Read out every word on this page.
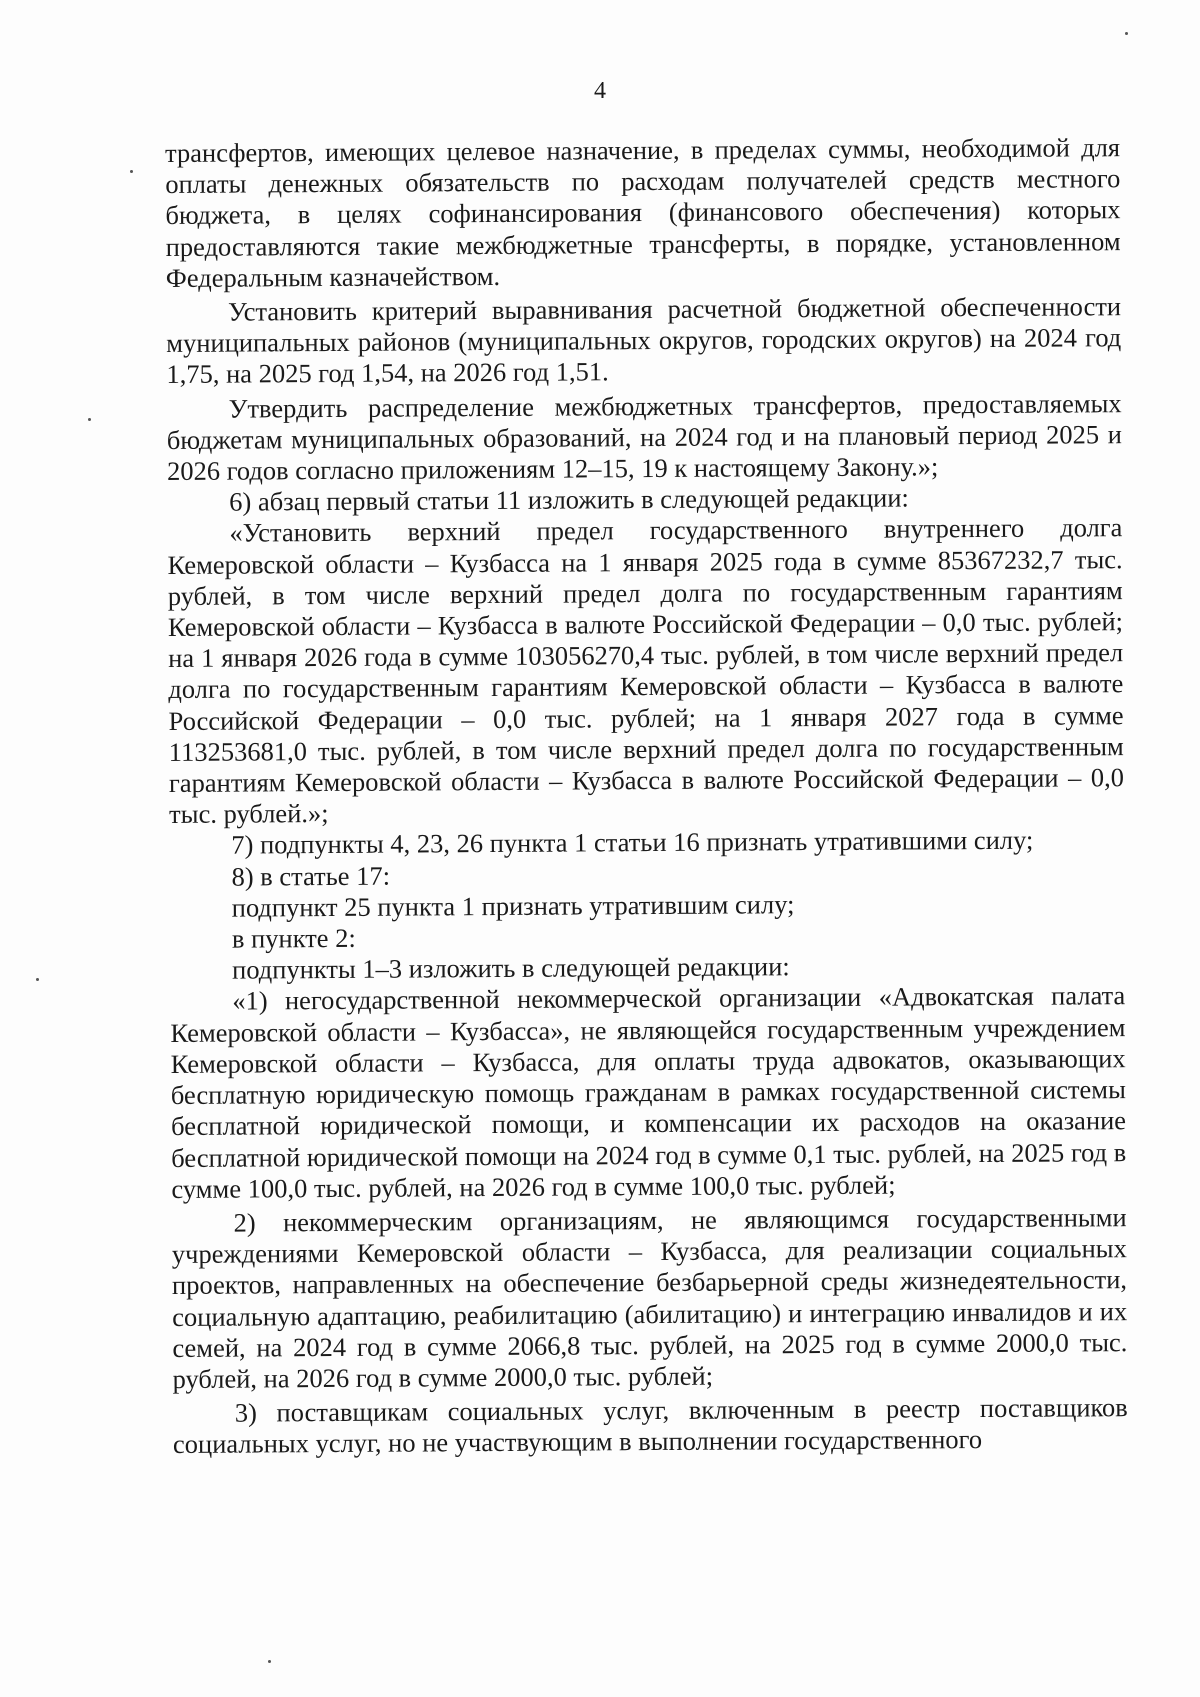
4

трансфертов, имеющих целевое назначение, в пределах суммы, необходимой для оплаты денежных обязательств по расходам получателей средств местного бюджета, в целях софинансирования (финансового обеспечения) которых предоставляются такие межбюджетные трансферты, в порядке, установленном Федеральным казначейством.

Установить критерий выравнивания расчетной бюджетной обеспеченности муниципальных районов (муниципальных округов, городских округов) на 2024 год 1,75, на 2025 год 1,54, на 2026 год 1,51.

Утвердить распределение межбюджетных трансфертов, предоставляемых бюджетам муниципальных образований, на 2024 год и на плановый период 2025 и 2026 годов согласно приложениям 12–15, 19 к настоящему Закону.»;

6) абзац первый статьи 11 изложить в следующей редакции:

«Установить верхний предел государственного внутреннего долга Кемеровской области – Кузбасса на 1 января 2025 года в сумме 85367232,7 тыс. рублей, в том числе верхний предел долга по государственным гарантиям Кемеровской области – Кузбасса в валюте Российской Федерации – 0,0 тыс. рублей; на 1 января 2026 года в сумме 103056270,4 тыс. рублей, в том числе верхний предел долга по государственным гарантиям Кемеровской области – Кузбасса в валюте Российской Федерации – 0,0 тыс. рублей; на 1 января 2027 года в сумме 113253681,0 тыс. рублей, в том числе верхний предел долга по государственным гарантиям Кемеровской области – Кузбасса в валюте Российской Федерации – 0,0 тыс. рублей.»;

7) подпункты 4, 23, 26 пункта 1 статьи 16 признать утратившими силу;

8) в статье 17:

подпункт 25 пункта 1 признать утратившим силу;

в пункте 2:

подпункты 1–3 изложить в следующей редакции:

«1) негосударственной некоммерческой организации «Адвокатская палата Кемеровской области – Кузбасса», не являющейся государственным учреждением Кемеровской области – Кузбасса, для оплаты труда адвокатов, оказывающих бесплатную юридическую помощь гражданам в рамках государственной системы бесплатной юридической помощи, и компенсации их расходов на оказание бесплатной юридической помощи на 2024 год в сумме 0,1 тыс. рублей, на 2025 год в сумме 100,0 тыс. рублей, на 2026 год в сумме 100,0 тыс. рублей;

2) некоммерческим организациям, не являющимся государственными учреждениями Кемеровской области – Кузбасса, для реализации социальных проектов, направленных на обеспечение безбарьерной среды жизнедеятельности, социальную адаптацию, реабилитацию (абилитацию) и интеграцию инвалидов и их семей, на 2024 год в сумме 2066,8 тыс. рублей, на 2025 год в сумме 2000,0 тыс. рублей, на 2026 год в сумме 2000,0 тыс. рублей;

3) поставщикам социальных услуг, включенным в реестр поставщиков социальных услуг, но не участвующим в выполнении государственного
